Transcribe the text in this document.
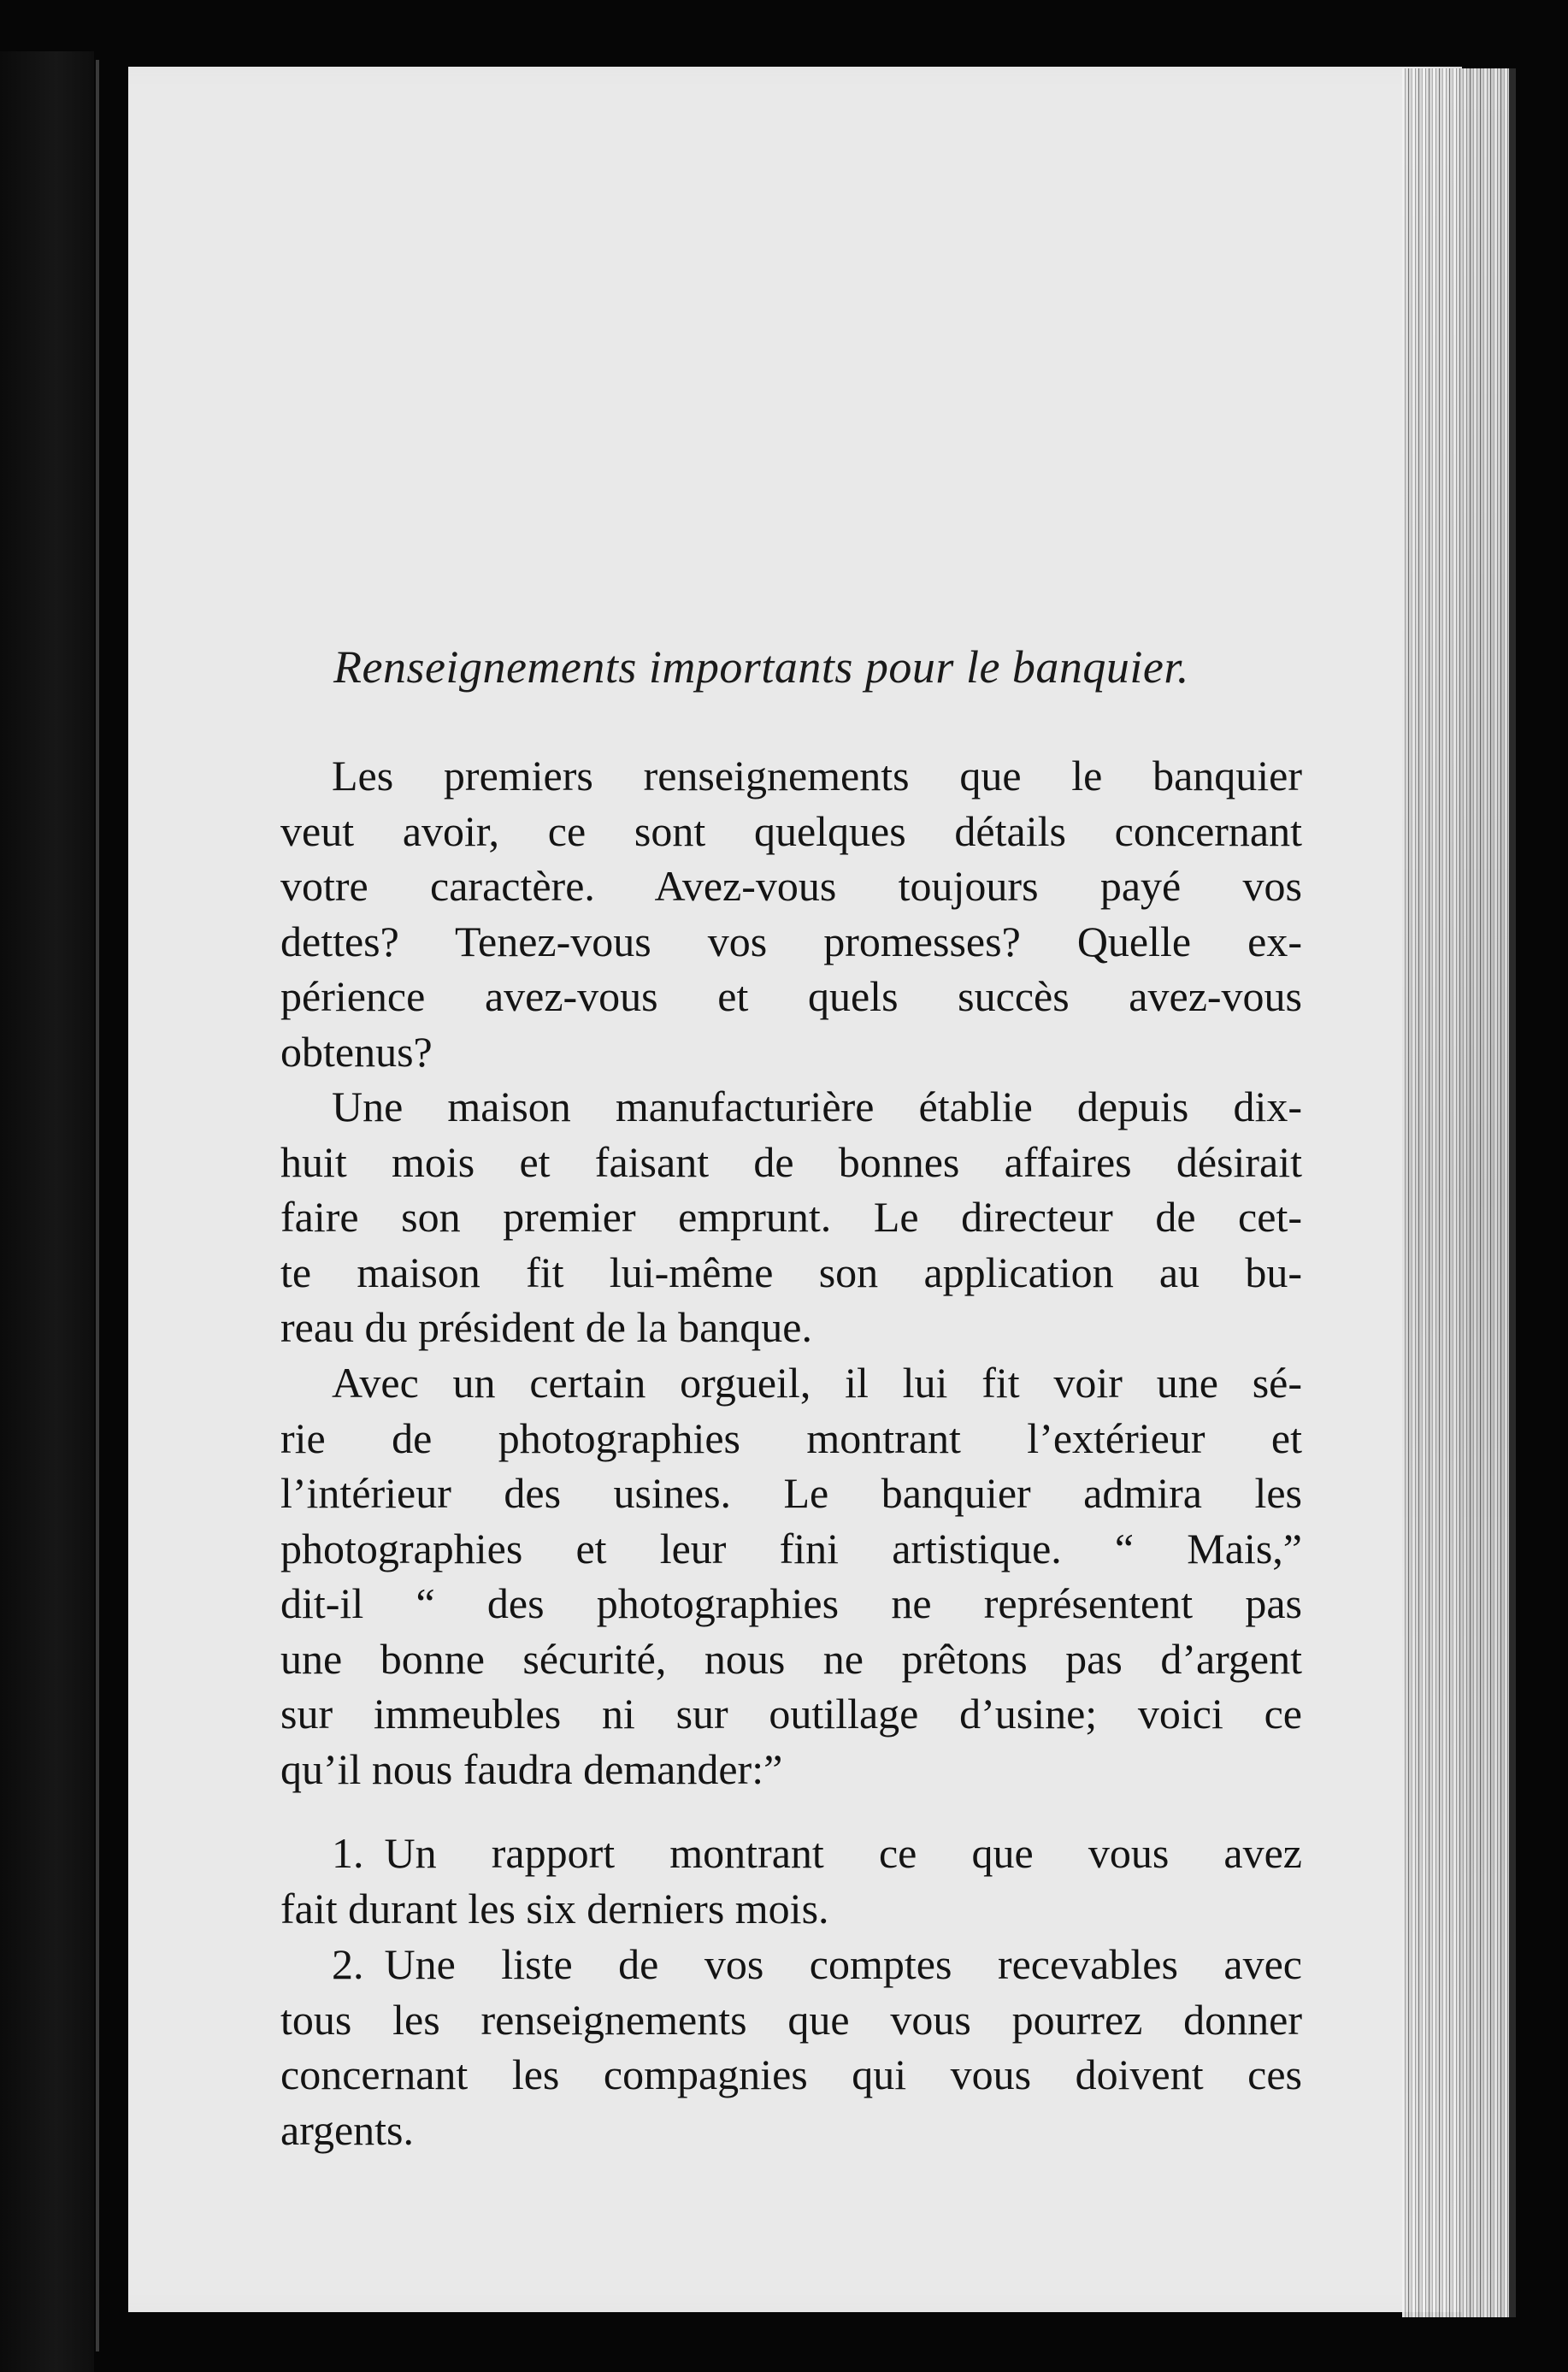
Renseignements importants pour le banquier.
Les premiers renseignements que le banquier
veut avoir, ce sont quelques détails concernant
votre caractère. Avez-vous toujours payé vos
dettes? Tenez-vous vos promesses? Quelle ex-
périence avez-vous et quels succès avez-vous
obtenus?
Une maison manufacturière établie depuis dix-
huit mois et faisant de bonnes affaires désirait
faire son premier emprunt. Le directeur de cet-
te maison fit lui-même son application au bu-
reau du président de la banque.
Avec un certain orgueil, il lui fit voir une sé-
rie de photographies montrant l’extérieur et
l’intérieur des usines. Le banquier admira les
photographies et leur fini artistique. “ Mais,”
dit-il “ des photographies ne représentent pas
une bonne sécurité, nous ne prêtons pas d’argent
sur immeubles ni sur outillage d’usine; voici ce
qu’il nous faudra demander:”
1. Un rapport montrant ce que vous avez
fait durant les six derniers mois.
2. Une liste de vos comptes recevables avec
tous les renseignements que vous pourrez donner
concernant les compagnies qui vous doivent ces
argents.
